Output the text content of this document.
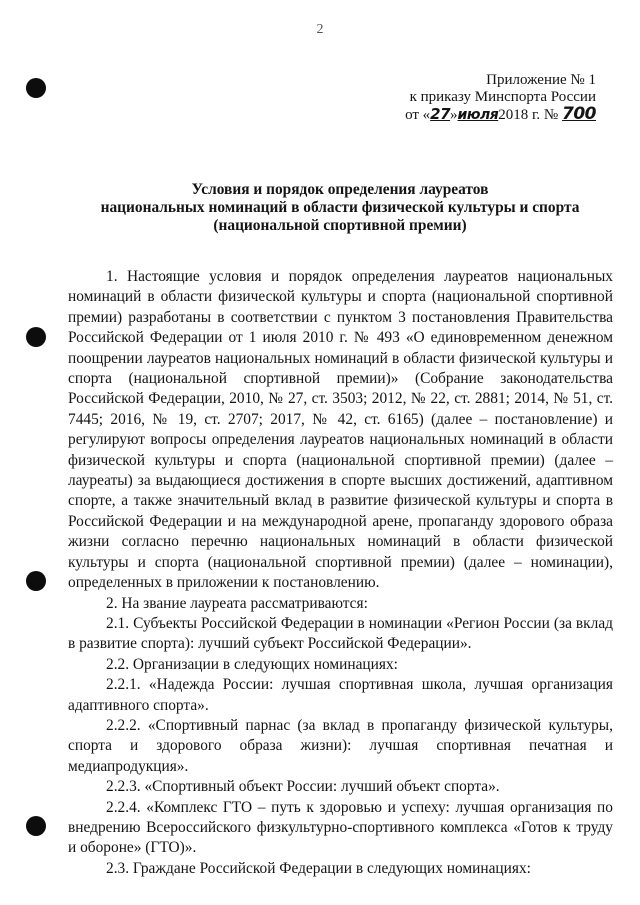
2
Приложение № 1
к приказу Минспорта России
от «27»июля2018 г. № 700
Условия и порядок определения лауреатов
национальных номинаций в области физической культуры и спорта
(национальной спортивной премии)

1. Настоящие условия и порядок определения лауреатов национальных номинаций в области физической культуры и спорта (национальной спортивной премии) разработаны в соответствии с пунктом 3 постановления Правительства Российской Федерации от 1 июля 2010 г. № 493 «О единовременном денежном поощрении лауреатов национальных номинаций в области физической культуры и спорта (национальной спортивной премии)» (Собрание законодательства Российской Федерации, 2010, № 27, ст. 3503; 2012, № 22, ст. 2881; 2014, № 51, ст. 7445; 2016, № 19, ст. 2707; 2017, № 42, ст. 6165) (далее – постановление) и регулируют вопросы определения лауреатов национальных номинаций в области физической культуры и спорта (национальной спортивной премии) (далее – лауреаты) за выдающиеся достижения в спорте высших достижений, адаптивном спорте, а также значительный вклад в развитие физической культуры и спорта в Российской Федерации и на международной арене, пропаганду здорового образа жизни согласно перечню национальных номинаций в области физической культуры и спорта (национальной спортивной премии) (далее – номинации), определенных в приложении к постановлению.

2. На звание лауреата рассматриваются:

2.1. Субъекты Российской Федерации в номинации «Регион России (за вклад в развитие спорта): лучший субъект Российской Федерации».

2.2. Организации в следующих номинациях:

2.2.1. «Надежда России: лучшая спортивная школа, лучшая организация адаптивного спорта».

2.2.2. «Спортивный парнас (за вклад в пропаганду физической культуры, спорта и здорового образа жизни): лучшая спортивная печатная и медиапродукция».

2.2.3. «Спортивный объект России: лучший объект спорта».

2.2.4. «Комплекс ГТО – путь к здоровью и успеху: лучшая организация по внедрению Всероссийского физкультурно-спортивного комплекса «Готов к труду и обороне» (ГТО)».

2.3. Граждане Российской Федерации в следующих номинациях:
